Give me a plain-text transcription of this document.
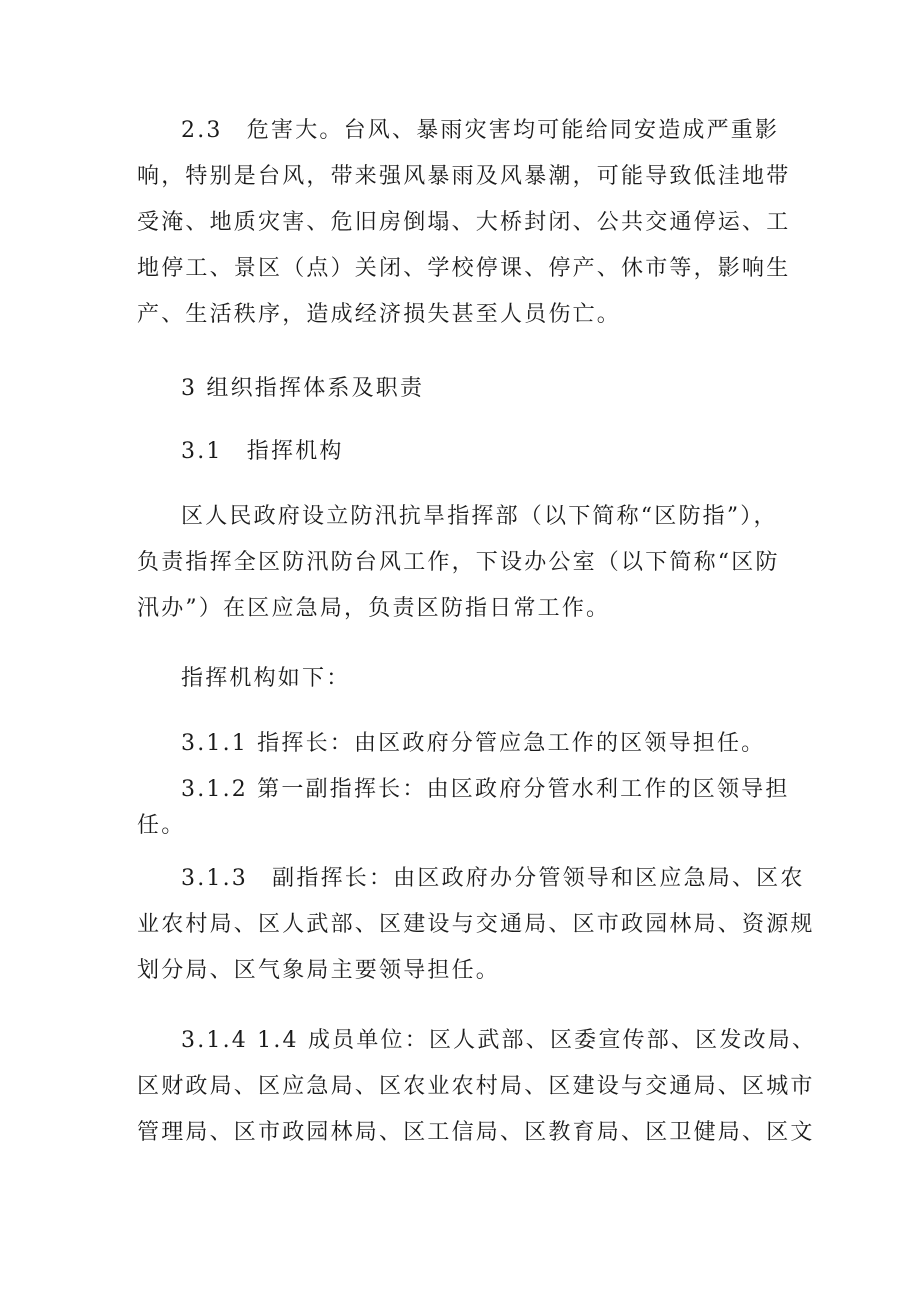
2.3　危害大。台风、暴雨灾害均可能给同安造成严重影
响，特别是台风，带来强风暴雨及风暴潮，可能导致低洼地带
受淹、地质灾害、危旧房倒塌、大桥封闭、公共交通停运、工
地停工、景区（点）关闭、学校停课、停产、休市等，影响生
产、生活秩序，造成经济损失甚至人员伤亡。
3 组织指挥体系及职责
3.1　指挥机构
区人民政府设立防汛抗旱指挥部（以下简称“区防指”），
负责指挥全区防汛防台风工作，下设办公室（以下简称“区防
汛办”）在区应急局，负责区防指日常工作。
指挥机构如下：
3.1.1 指挥长：由区政府分管应急工作的区领导担任。
3.1.2 第一副指挥长：由区政府分管水利工作的区领导担
任。
3.1.3　副指挥长：由区政府办分管领导和区应急局、区农
业农村局、区人武部、区建设与交通局、区市政园林局、资源规
划分局、区气象局主要领导担任。
3.1.4 1.4 成员单位：区人武部、区委宣传部、区发改局、
区财政局、区应急局、区农业农村局、区建设与交通局、区城市
管理局、区市政园林局、区工信局、区教育局、区卫健局、区文
